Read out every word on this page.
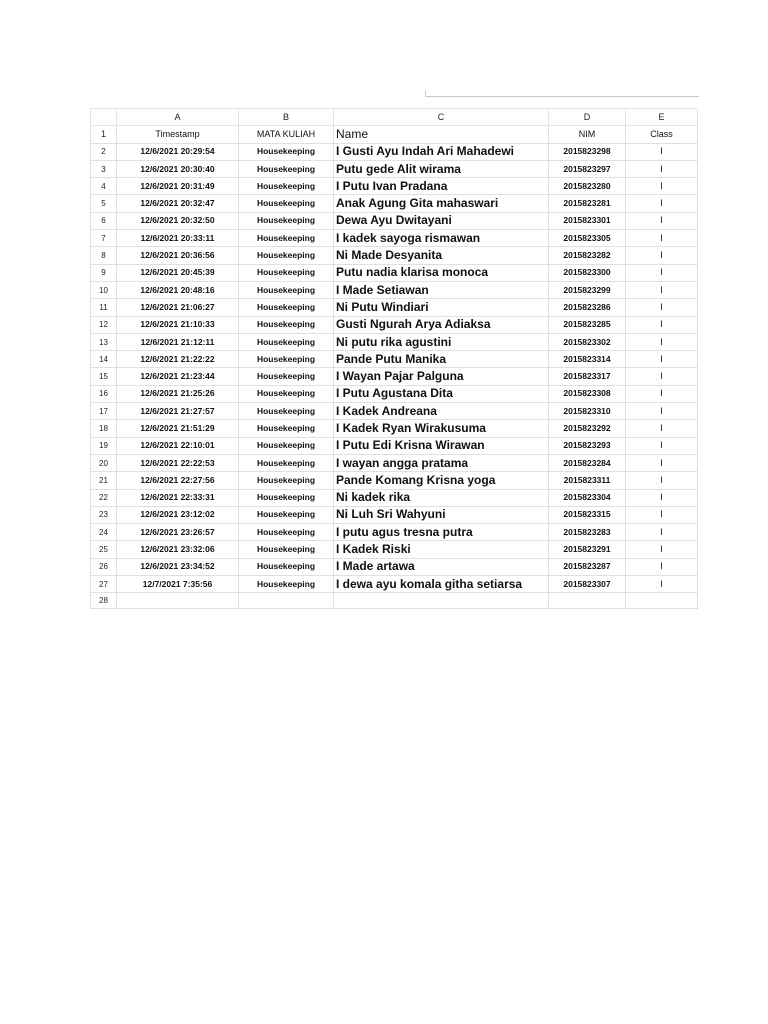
	A	B	C	D	E
1	Timestamp	MATA KULIAH	Name	NIM	Class
2	12/6/2021 20:29:54	Housekeeping	I Gusti Ayu Indah Ari Mahadewi	2015823298	I
3	12/6/2021 20:30:40	Housekeeping	Putu gede Alit wirama	2015823297	I
4	12/6/2021 20:31:49	Housekeeping	I Putu Ivan Pradana	2015823280	I
5	12/6/2021 20:32:47	Housekeeping	Anak Agung Gita mahaswari	2015823281	I
6	12/6/2021 20:32:50	Housekeeping	Dewa Ayu Dwitayani	2015823301	I
7	12/6/2021 20:33:11	Housekeeping	I kadek sayoga rismawan	2015823305	I
8	12/6/2021 20:36:56	Housekeeping	Ni Made Desyanita	2015823282	I
9	12/6/2021 20:45:39	Housekeeping	Putu nadia klarisa monoca	2015823300	I
10	12/6/2021 20:48:16	Housekeeping	I Made Setiawan	2015823299	I
11	12/6/2021 21:06:27	Housekeeping	Ni Putu Windiari	2015823286	I
12	12/6/2021 21:10:33	Housekeeping	Gusti Ngurah Arya Adiaksa	2015823285	I
13	12/6/2021 21:12:11	Housekeeping	Ni putu rika agustini	2015823302	I
14	12/6/2021 21:22:22	Housekeeping	Pande Putu Manika	2015823314	I
15	12/6/2021 21:23:44	Housekeeping	I Wayan Pajar Palguna	2015823317	I
16	12/6/2021 21:25:26	Housekeeping	I Putu Agustana Dita	2015823308	I
17	12/6/2021 21:27:57	Housekeeping	I Kadek Andreana	2015823310	I
18	12/6/2021 21:51:29	Housekeeping	I Kadek Ryan Wirakusuma	2015823292	I
19	12/6/2021 22:10:01	Housekeeping	I Putu Edi Krisna Wirawan	2015823293	I
20	12/6/2021 22:22:53	Housekeeping	I wayan angga pratama	2015823284	I
21	12/6/2021 22:27:56	Housekeeping	Pande Komang Krisna yoga	2015823311	I
22	12/6/2021 22:33:31	Housekeeping	Ni kadek rika	2015823304	I
23	12/6/2021 23:12:02	Housekeeping	Ni Luh Sri Wahyuni	2015823315	I
24	12/6/2021 23:26:57	Housekeeping	I putu agus tresna putra	2015823283	I
25	12/6/2021 23:32:06	Housekeeping	I Kadek Riski	2015823291	I
26	12/6/2021 23:34:52	Housekeeping	I Made artawa	2015823287	I
27	12/7/2021 7:35:56	Housekeeping	I dewa ayu komala githa setiarsa	2015823307	I
28					
